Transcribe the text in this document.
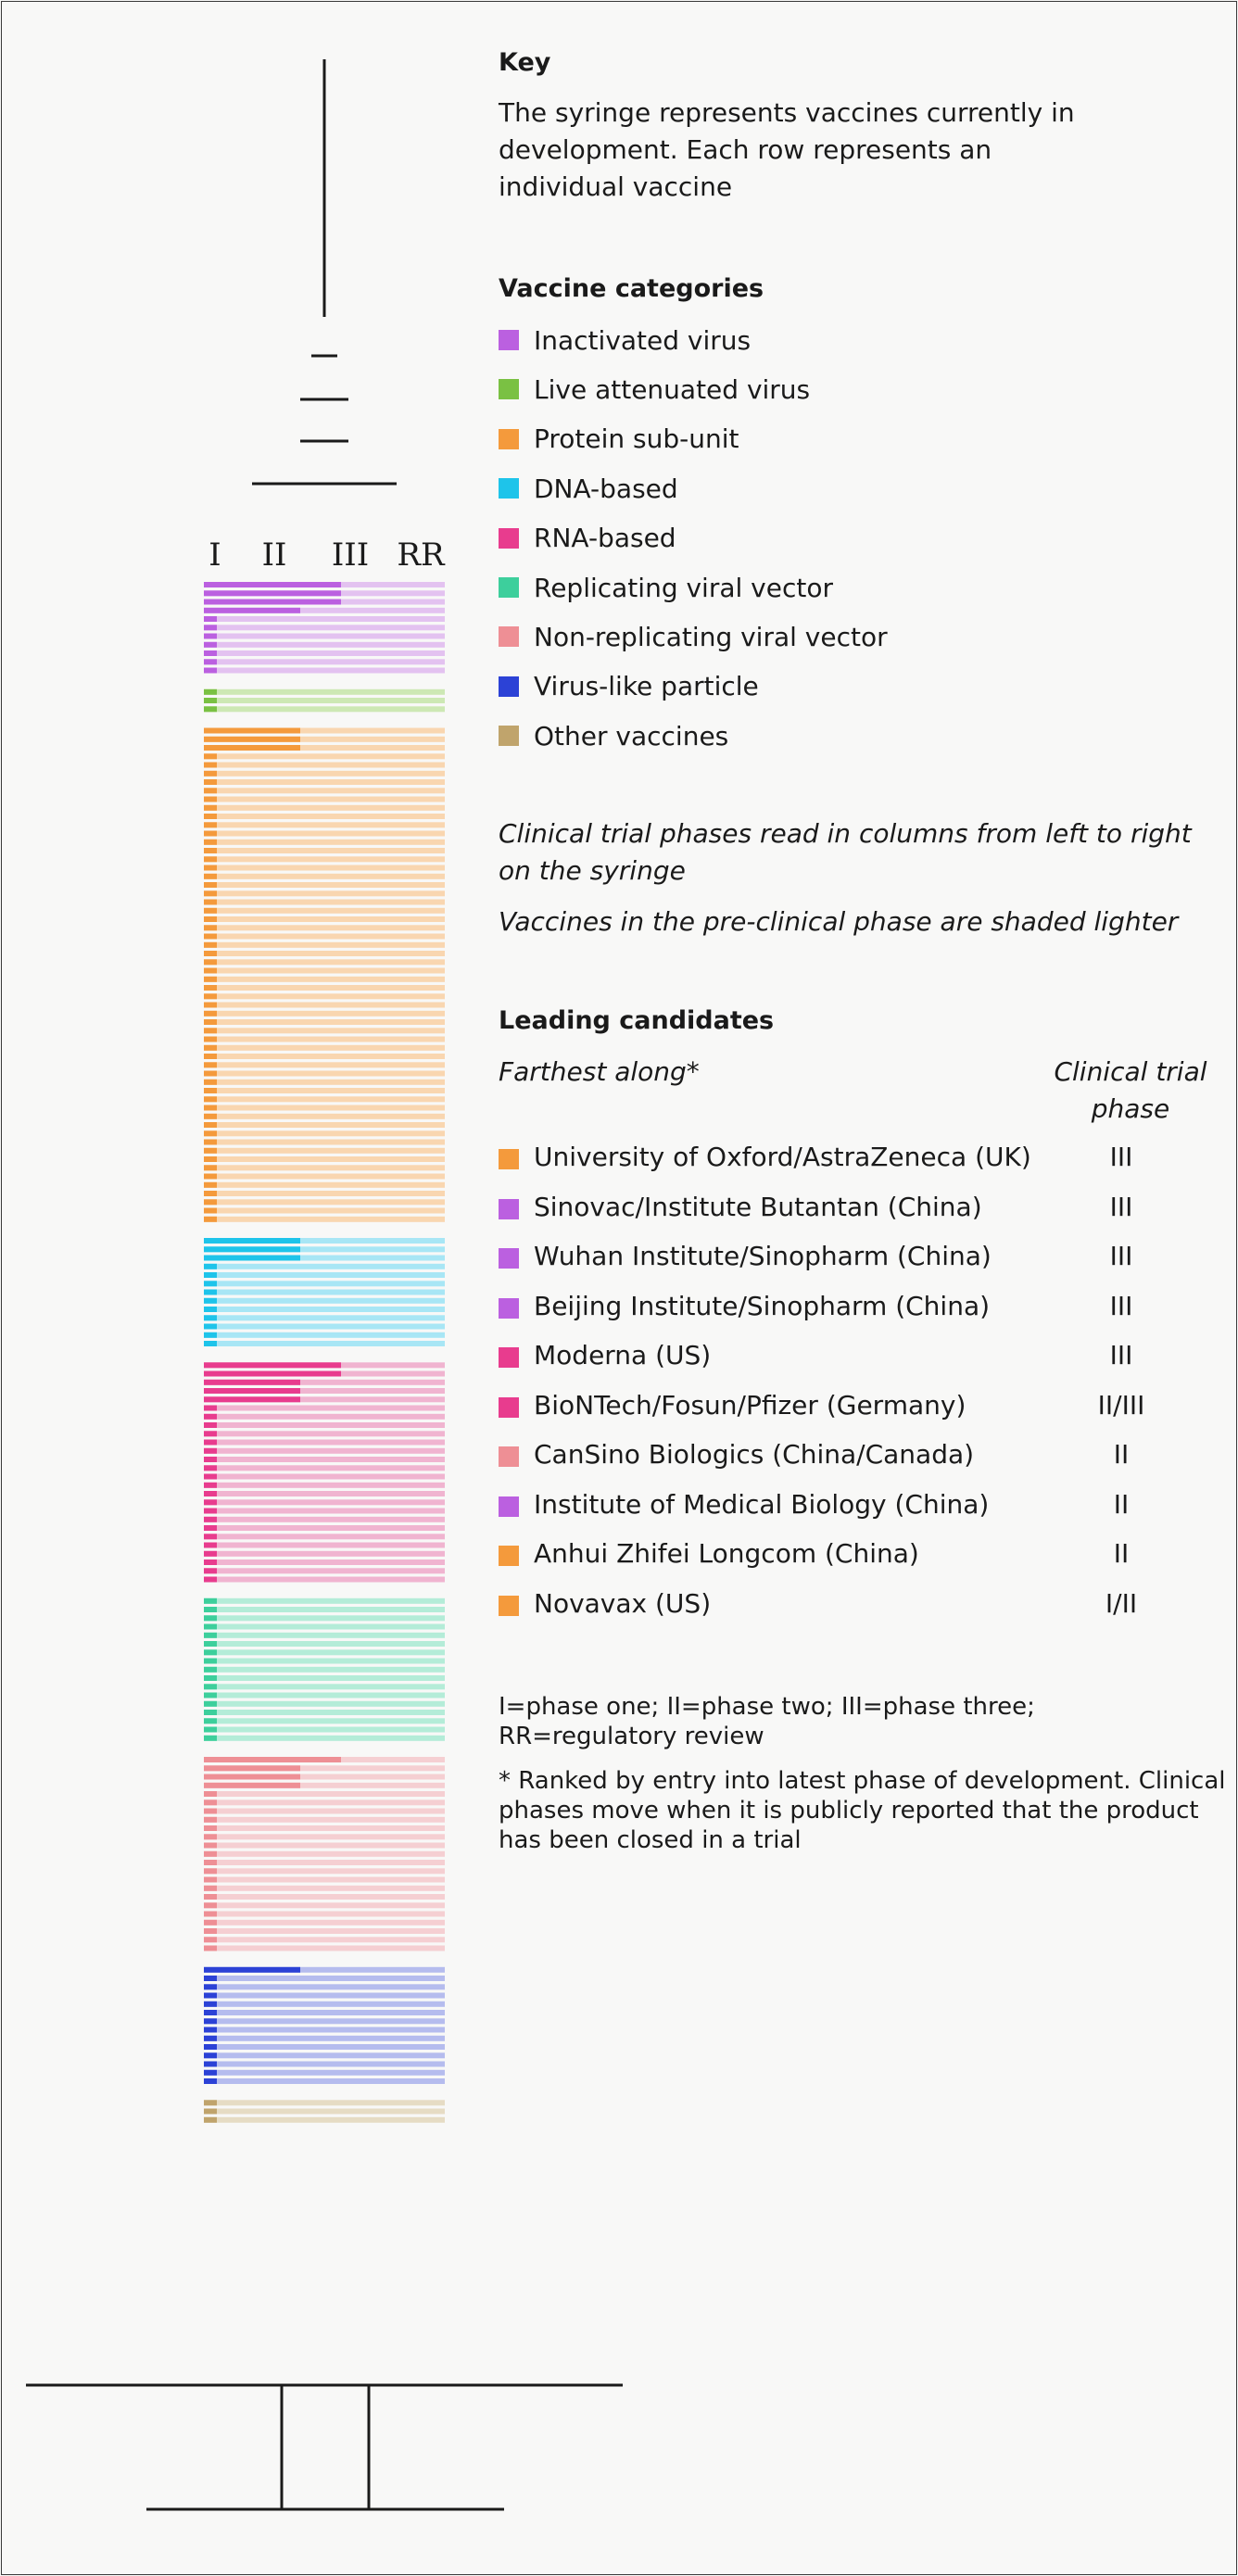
I II III RR
Key
The syringe represents vaccines currently in development. Each row represents an individual vaccine
Vaccine categories
Inactivated virus
Live attenuated virus
Protein sub-unit
DNA-based
RNA-based
Replicating viral vector
Non-replicating viral vector
Virus-like particle
Other vaccines
Clinical trial phases read in columns from left to right on the syringe
Vaccines in the pre-clinical phase are shaded lighter
Leading candidates
Farthest along*	Clinical trial
phase
University of Oxford/AstraZeneca (UK)	III
Sinovac/Institute Butantan (China)	III
Wuhan Institute/Sinopharm (China)	III
Beijing Institute/Sinopharm (China)	III
Moderna (US)	III
BioNTech/Fosun/Pfizer (Germany)	II/III
CanSino Biologics (China/Canada)	II
Institute of Medical Biology (China)	II
Anhui Zhifei Longcom (China)	II
Novavax (US)	I/II
I=phase one; II=phase two; III=phase three; RR=regulatory review
* Ranked by entry into latest phase of development. Clinical phases move when it is publicly reported that the product has been closed in a trial
